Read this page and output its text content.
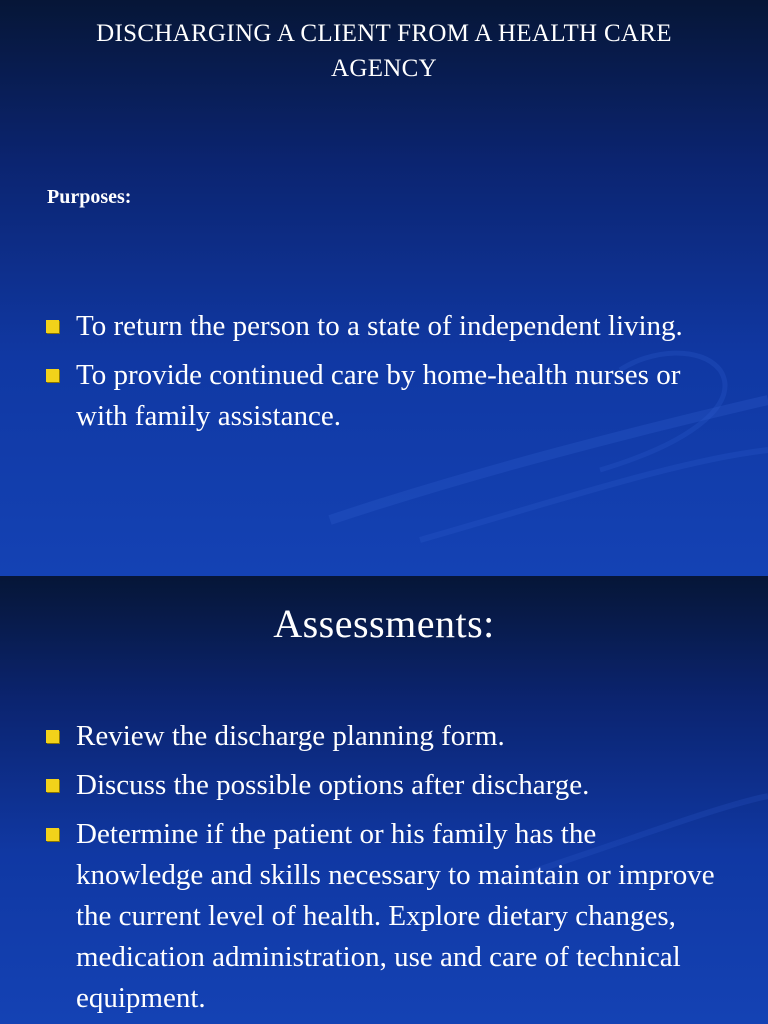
DISCHARGING A CLIENT FROM A HEALTH CARE AGENCY

Purposes:

To return the person to a state of independent living.
To provide continued care by home-health nurses or with family assistance.
Assessments:
Review the discharge planning form.
Discuss the possible options after discharge.
Determine if the patient or his family has the knowledge and skills necessary to maintain or improve the current level of health. Explore dietary changes, medication administration, use and care of technical equipment.
